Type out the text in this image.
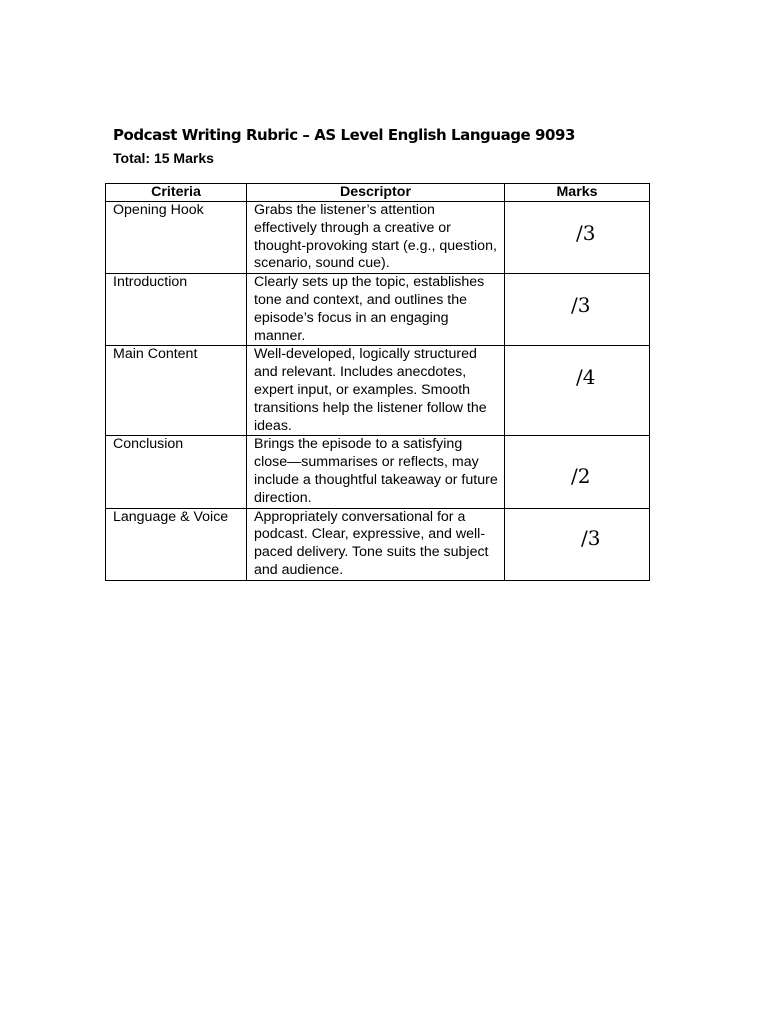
Podcast Writing Rubric – AS Level English Language 9093
Total: 15 Marks
Criteria	Descriptor	Marks
Opening Hook	Grabs the listener’s attention effectively through a creative or thought-provoking start (e.g., question, scenario, sound cue).	/3

Introduction	Clearly sets up the topic, establishes tone and context, and outlines the episode’s focus in an engaging manner.	/3

Main Content	Well-developed, logically structured and relevant. Includes anecdotes, expert input, or examples. Smooth transitions help the listener follow the ideas.	/4

Conclusion	Brings the episode to a satisfying close—summarises or reflects, may include a thoughtful takeaway or future direction.	/2

Language & Voice	Appropriately conversational for a podcast. Clear, expressive, and well-paced delivery. Tone suits the subject and audience.	/3
